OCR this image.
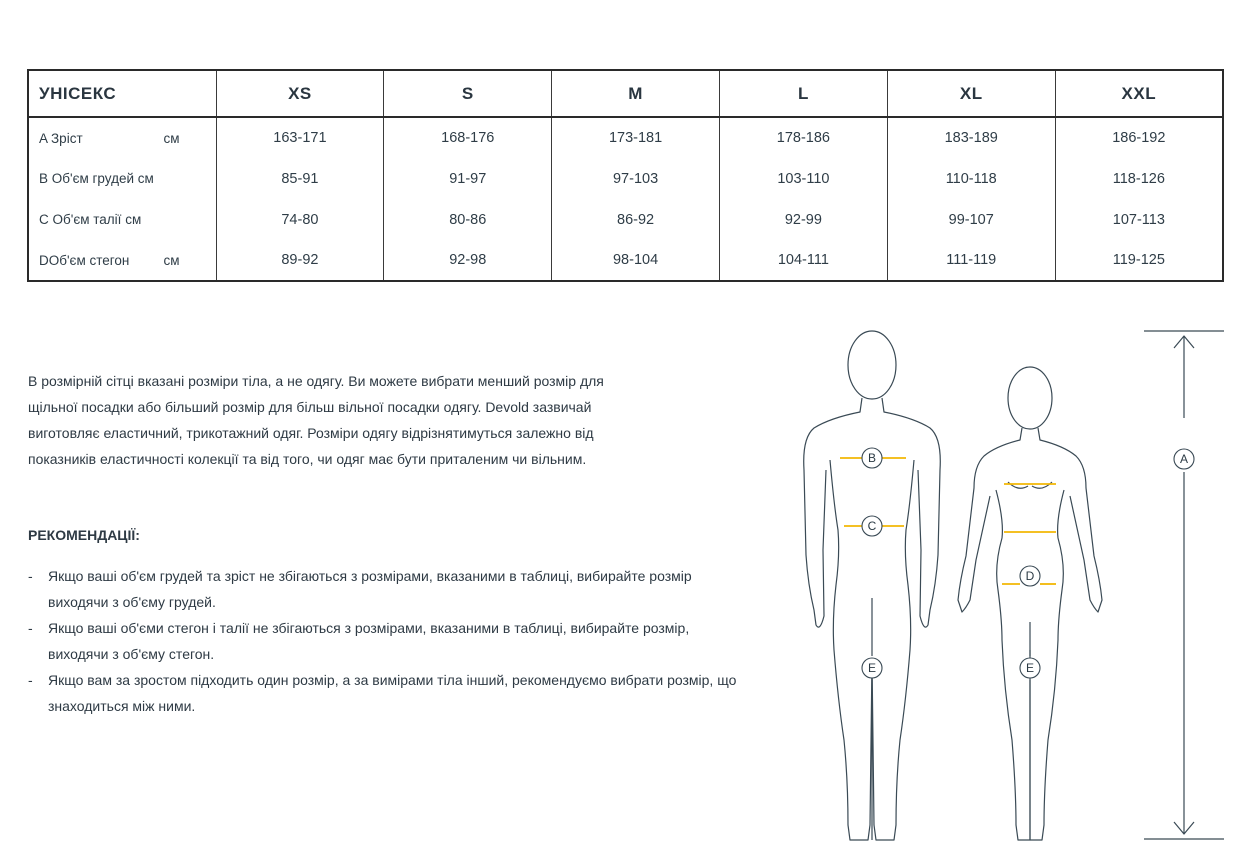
УНІСЕКС	XS	S	M	L	XL	XXL
A Зріст см	163-171	168-176	173-181	178-186	183-189	186-192
B Об'єм грудей см	85-91	91-97	97-103	103-110	110-118	118-126
C Об'єм талії см	74-80	80-86	86-92	92-99	99-107	107-113
DОб'єм стегон см	89-92	92-98	98-104	104-111	111-119	119-125

В розмірній сітці вказані розміри тіла, а не одягу. Ви можете вибрати менший розмір для щільної посадки або більший розмір для більш вільної посадки одягу. Devold зазвичай виготовляє еластичний, трикотажний одяг. Розміри одягу відрізнятимуться залежно від показників еластичності колекції та від того, чи одяг має бути приталеним чи вільним.

РЕКОМЕНДАЦІЇ:
- Якщо ваші об'єм грудей та зріст не збігаються з розмірами, вказаними в таблиці, вибирайте розмір виходячи з об'єму грудей.
- Якщо ваші об'єми стегон і талії не збігаються з розмірами, вказаними в таблиці, вибирайте розмір, виходячи з об'єму стегон.
- Якщо вам за зростом підходить один розмір, а за вимірами тіла інший, рекомендуємо вибрати розмір, що знаходиться між ними.
B
C
D
E	E
A
